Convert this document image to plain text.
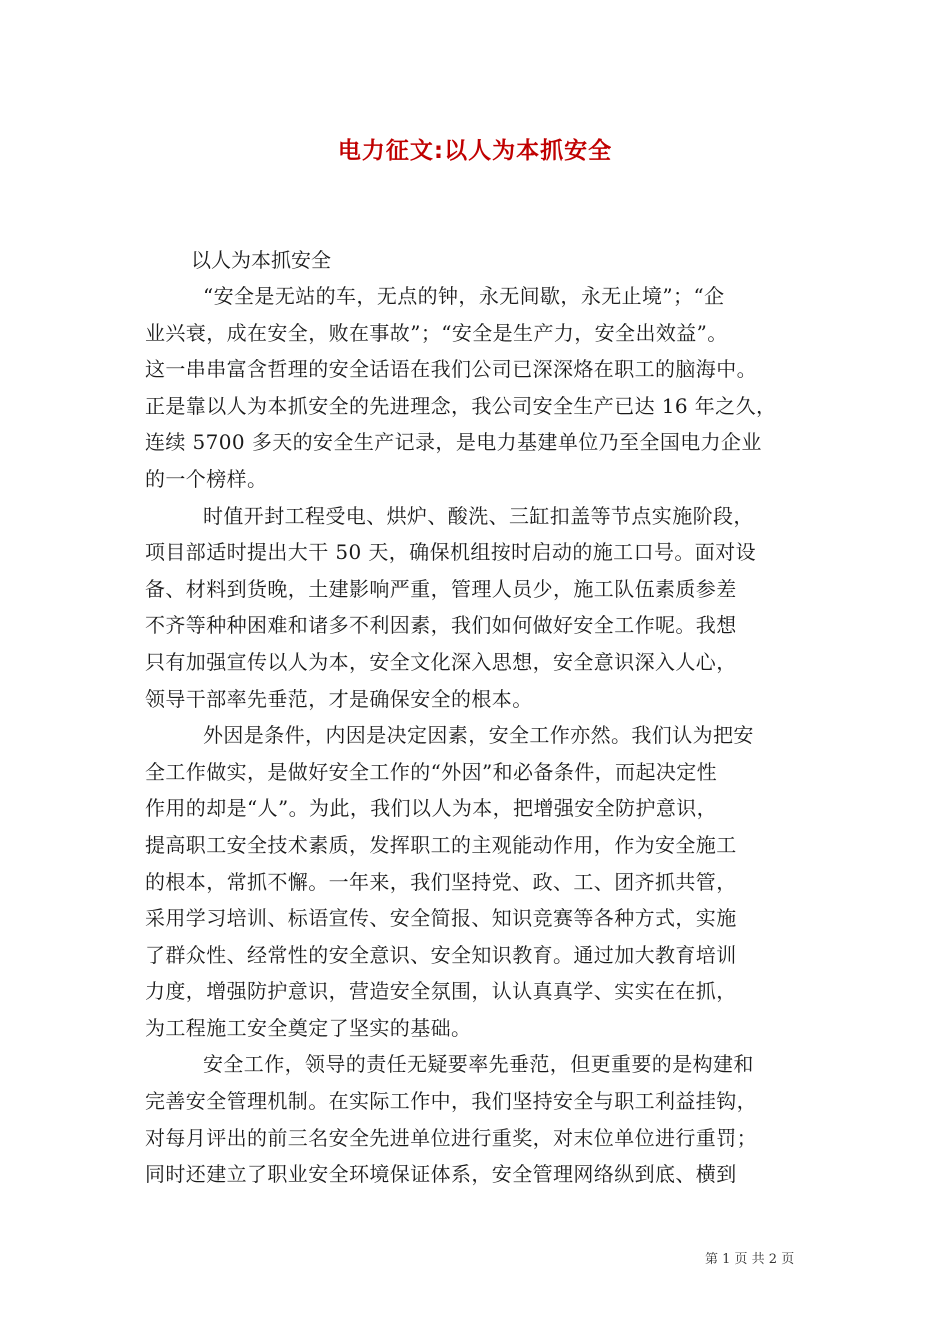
电力征文:以人为本抓安全

以人为本抓安全

“安全是无站的车，无点的钟，永无间歇，永无止境”；“企
业兴衰，成在安全，败在事故”；“安全是生产力，安全出效益”。
这一串串富含哲理的安全话语在我们公司已深深烙在职工的脑海中。
正是靠以人为本抓安全的先进理念，我公司安全生产已达 16 年之久，
连续 5700 多天的安全生产记录，是电力基建单位乃至全国电力企业
的一个榜样。

时值开封工程受电、烘炉、酸洗、三缸扣盖等节点实施阶段，
项目部适时提出大干 50 天，确保机组按时启动的施工口号。面对设
备、材料到货晚，土建影响严重，管理人员少，施工队伍素质参差
不齐等种种困难和诸多不利因素，我们如何做好安全工作呢。我想
只有加强宣传以人为本，安全文化深入思想，安全意识深入人心，
领导干部率先垂范，才是确保安全的根本。

外因是条件，内因是决定因素，安全工作亦然。我们认为把安
全工作做实，是做好安全工作的“外因”和必备条件，而起决定性
作用的却是“人”。为此，我们以人为本，把增强安全防护意识，
提高职工安全技术素质，发挥职工的主观能动作用，作为安全施工
的根本，常抓不懈。一年来，我们坚持党、政、工、团齐抓共管，
采用学习培训、标语宣传、安全简报、知识竞赛等各种方式，实施
了群众性、经常性的安全意识、安全知识教育。通过加大教育培训
力度，增强防护意识，营造安全氛围，认认真真学、实实在在抓，
为工程施工安全奠定了坚实的基础。

安全工作，领导的责任无疑要率先垂范，但更重要的是构建和
完善安全管理机制。在实际工作中，我们坚持安全与职工利益挂钩，
对每月评出的前三名安全先进单位进行重奖，对末位单位进行重罚；
同时还建立了职业安全环境保证体系，安全管理网络纵到底、横到

第 1 页 共 2 页
